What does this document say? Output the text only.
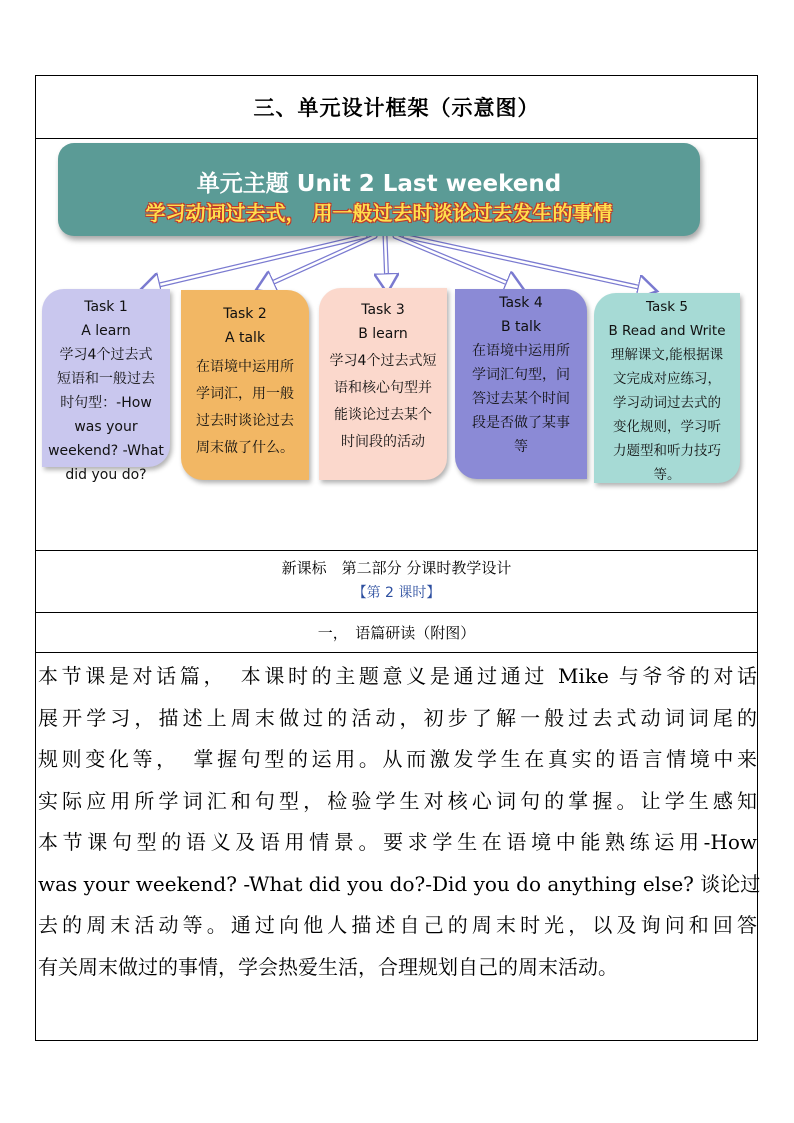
三、单元设计框架（示意图）
单元主题 Unit 2 Last weekend
学习动词过去式， 用一般过去时谈论过去发生的事情
Task 1
A learn
学习4个过去式
短语和一般过去
时句型：-How
was your
weekend? -What
did you do?
Task 2
A talk
在语境中运用所
学词汇，用一般
过去时谈论过去
周末做了什么。
Task 3
B learn
学习4个过去式短
语和核心句型并
能谈论过去某个
时间段的活动
Task 4
B talk
在语境中运用所
学词汇句型，问
答过去某个时间
段是否做了某事
等
Task 5
B Read and Write
理解课文,能根据课
文完成对应练习，
学习动词过去式的
变化规则，学习听
力题型和听力技巧
等。
新课标　第二部分 分课时教学设计
【第 2 课时】
一，　语篇研读（附图）
本节课是对话篇，　本课时的主题意义是通过通过 Mike 与爷爷的对话
展开学习，描述上周末做过的活动，初步了解一般过去式动词词尾的
规则变化等，　掌握句型的运用。从而激发学生在真实的语言情境中来
实际应用所学词汇和句型，检验学生对核心词句的掌握。让学生感知
本节课句型的语义及语用情景。要求学生在语境中能熟练运用-How
was your weekend? -What did you do?-Did you do anything else? 谈论过
去的周末活动等。通过向他人描述自己的周末时光，以及询问和回答
有关周末做过的事情，学会热爱生活，合理规划自己的周末活动。
